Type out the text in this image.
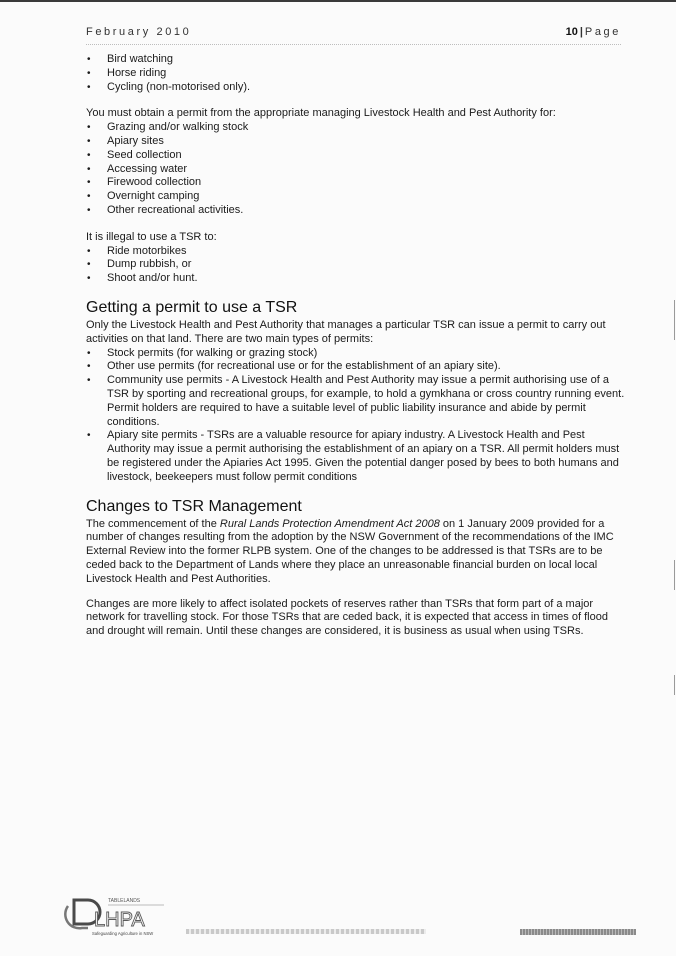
February 2010	10 | Page
• Bird watching
• Horse riding
• Cycling (non-motorised only).

You must obtain a permit from the appropriate managing Livestock Health and Pest Authority for:

• Grazing and/or walking stock
• Apiary sites
• Seed collection
• Accessing water
• Firewood collection
• Overnight camping
• Other recreational activities.

It is illegal to use a TSR to:

• Ride motorbikes
• Dump rubbish, or
• Shoot and/or hunt.
Getting a permit to use a TSR

Only the Livestock Health and Pest Authority that manages a particular TSR can issue a permit to carry out activities on that land. There are two main types of permits:

• Stock permits (for walking or grazing stock)
• Other use permits (for recreational use or for the establishment of an apiary site).
• Community use permits - A Livestock Health and Pest Authority may issue a permit authorising use of a TSR by sporting and recreational groups, for example, to hold a gymkhana or cross country running event. Permit holders are required to have a suitable level of public liability insurance and abide by permit conditions.
• Apiary site permits - TSRs are a valuable resource for apiary industry. A Livestock Health and Pest Authority may issue a permit authorising the establishment of an apiary on a TSR. All permit holders must be registered under the Apiaries Act 1995. Given the potential danger posed by bees to both humans and livestock, beekeepers must follow permit conditions
Changes to TSR Management

The commencement of the Rural Lands Protection Amendment Act 2008 on 1 January 2009 provided for a number of changes resulting from the adoption by the NSW Government of the recommendations of the IMC External Review into the former RLPB system. One of the changes to be addressed is that TSRs are to be ceded back to the Department of Lands where they place an unreasonable financial burden on local local Livestock Health and Pest Authorities.

Changes are more likely to affect isolated pockets of reserves rather than TSRs that form part of a major network for travelling stock. For those TSRs that are ceded back, it is expected that access in times of flood and drought will remain. Until these changes are considered, it is business as usual when using TSRs.

TABLELANDS
LHPA
Safeguarding Agriculture in NSW
